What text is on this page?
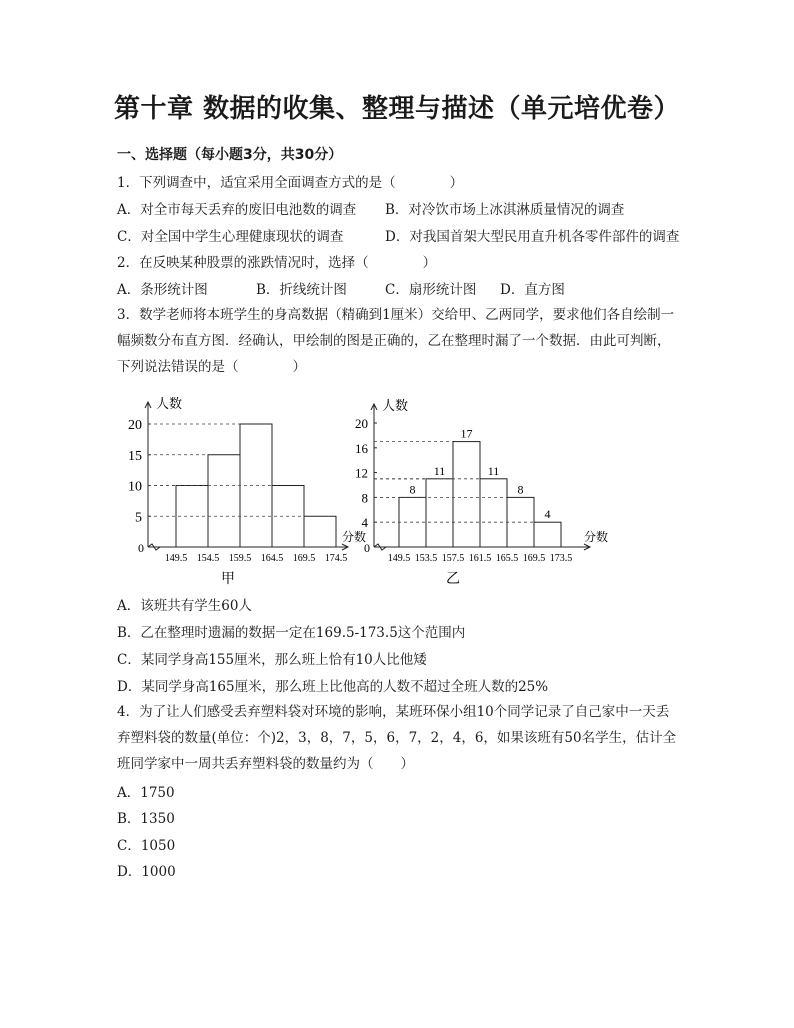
第十章 数据的收集、整理与描述（单元培优卷）
一、选择题（每小题3分，共30分）
1．下列调查中，适宜采用全面调查方式的是（　　　　）
A．对全市每天丢弃的废旧电池数的调查 B．对冷饮市场上冰淇淋质量情况的调查
C．对全国中学生心理健康现状的调查	D．对我国首架大型民用直升机各零件部件的调查
2．在反映某种股票的涨跌情况时，选择（　　　　）
A．条形统计图	B．折线统计图	C．扇形统计图 D．直方图
3．数学老师将本班学生的身高数据（精确到1厘米）交给甲、乙两同学，要求他们各自绘制一幅频数分布直方图．经确认，甲绘制的图是正确的，乙在整理时漏了一个数据．由此可判断，下列说法错误的是（　　　　）
人数
分数
0
5
10
15
20
149.5 154.5 159.5 164.5 169.5 174.5
甲
人数
分数
0
4
8
12
16
20
8
11
17
11
8
4
149.5 153.5 157.5 161.5 165.5 169.5 173.5
乙
A．该班共有学生60人
B．乙在整理时遗漏的数据一定在169.5-173.5这个范围内
C．某同学身高155厘米，那么班上恰有10人比他矮
D．某同学身高165厘米，那么班上比他高的人数不超过全班人数的25%
4．为了让人们感受丢弃塑料袋对环境的影响，某班环保小组10个同学记录了自己家中一天丢弃塑料袋的数量(单位：个)2，3，8，7，5，6，7，2，4，6，如果该班有50名学生，估计全班同学家中一周共丢弃塑料袋的数量约为（　　）
A．1750
B．1350
C．1050
D．1000
